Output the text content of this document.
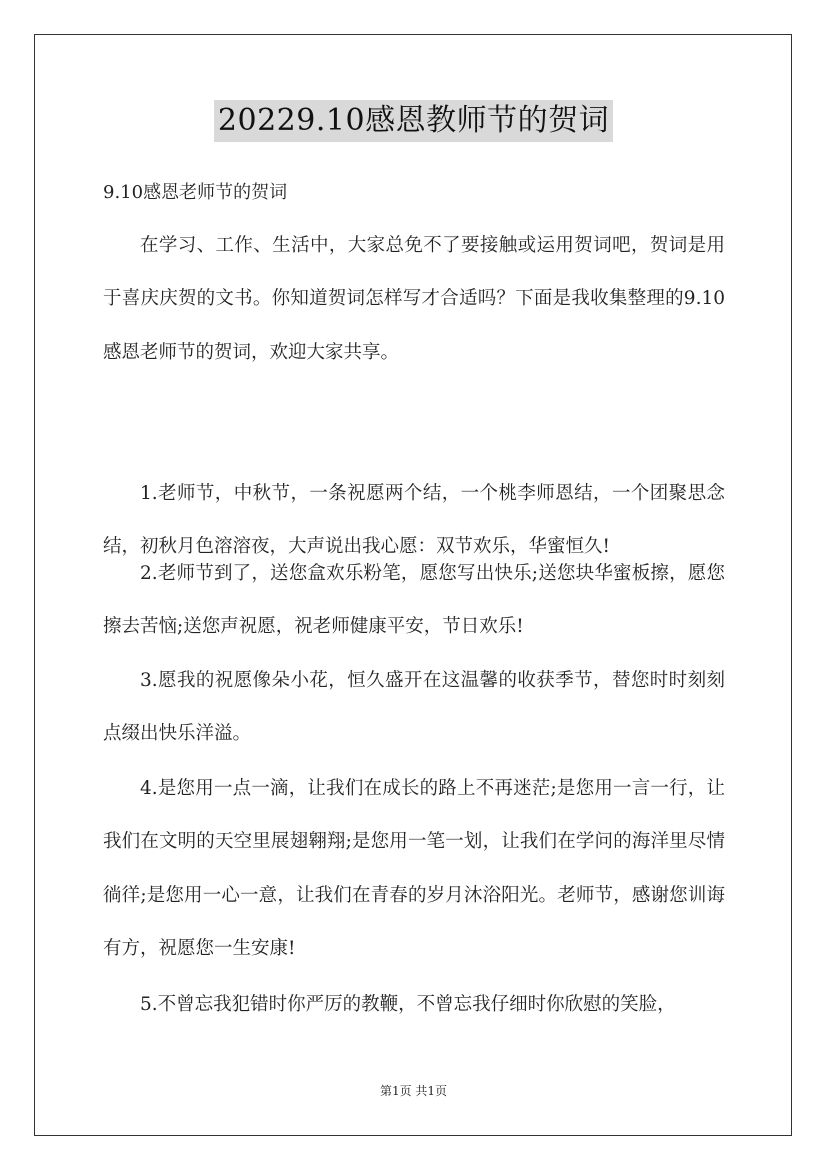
20229.10感恩教师节的贺词
9.10感恩老师节的贺词

在学习、工作、生活中，大家总免不了要接触或运用贺词吧，贺词是用于喜庆庆贺的文书。你知道贺词怎样写才合适吗？下面是我收集整理的9.10感恩老师节的贺词，欢迎大家共享。

1.老师节，中秋节，一条祝愿两个结，一个桃李师恩结，一个团聚思念结，初秋月色溶溶夜，大声说出我心愿：双节欢乐，华蜜恒久!

2.老师节到了，送您盒欢乐粉笔，愿您写出快乐;送您块华蜜板擦，愿您擦去苦恼;送您声祝愿，祝老师健康平安，节日欢乐!

3.愿我的祝愿像朵小花，恒久盛开在这温馨的收获季节，替您时时刻刻点缀出快乐洋溢。

4.是您用一点一滴，让我们在成长的路上不再迷茫;是您用一言一行，让我们在文明的天空里展翅翱翔;是您用一笔一划，让我们在学问的海洋里尽情徜徉;是您用一心一意，让我们在青春的岁月沐浴阳光。老师节，感谢您训诲有方，祝愿您一生安康!

5.不曾忘我犯错时你严厉的教鞭，不曾忘我仔细时你欣慰的笑脸，

第1页 共1页
